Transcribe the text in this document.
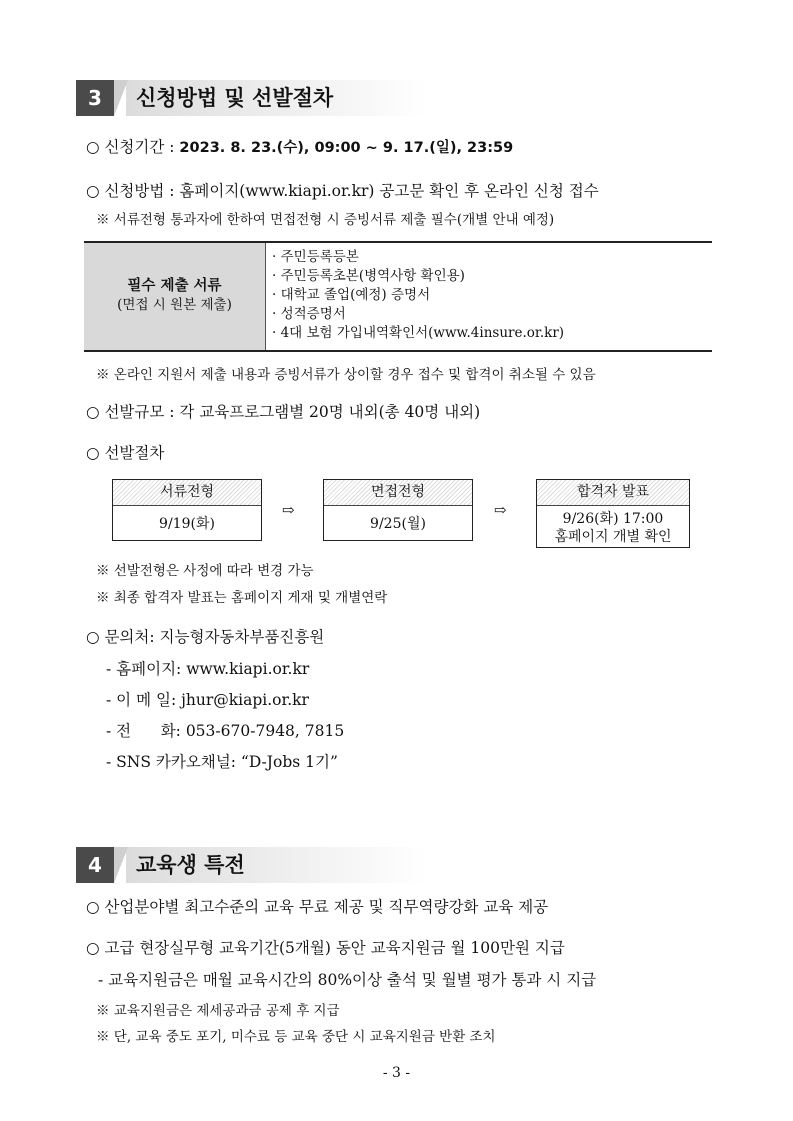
3	신청방법 및 선발절차
○ 신청기간 : 2023. 8. 23.(수), 09:00 ~ 9. 17.(일), 23:59
○ 신청방법 : 홈페이지(www.kiapi.or.kr) 공고문 확인 후 온라인 신청 접수
※ 서류전형 통과자에 한하여 면접전형 시 증빙서류 제출 필수(개별 안내 예정)
필수 제출 서류
(면접 시 원본 제출)
· 주민등록등본
· 주민등록초본(병역사항 확인용)
· 대학교 졸업(예정) 증명서
· 성적증명서
· 4대 보험 가입내역확인서(www.4insure.or.kr)
※ 온라인 지원서 제출 내용과 증빙서류가 상이할 경우 접수 및 합격이 취소될 수 있음
○ 선발규모 : 각 교육프로그램별 20명 내외(총 40명 내외)
○ 선발절차
서류전형
9/19(화)
⇨
면접전형
9/25(월)
⇨
합격자 발표
9/26(화) 17:00
홈페이지 개별 확인
※ 선발전형은 사정에 따라 변경 가능
※ 최종 합격자 발표는 홈페이지 게재 및 개별연락
○ 문의처: 지능형자동차부품진흥원
- 홈페이지: www.kiapi.or.kr
- 이 메 일: jhur@kiapi.or.kr
- 전      화: 053-670-7948, 7815
- SNS 카카오채널: “D-Jobs 1기”
4	교육생 특전
○ 산업분야별 최고수준의 교육 무료 제공 및 직무역량강화 교육 제공
○ 고급 현장실무형 교육기간(5개월) 동안 교육지원금 월 100만원 지급
- 교육지원금은 매월 교육시간의 80%이상 출석 및 월별 평가 통과 시 지급
※ 교육지원금은 제세공과금 공제 후 지급
※ 단, 교육 중도 포기, 미수료 등 교육 중단 시 교육지원금 반환 조치
- 3 -
